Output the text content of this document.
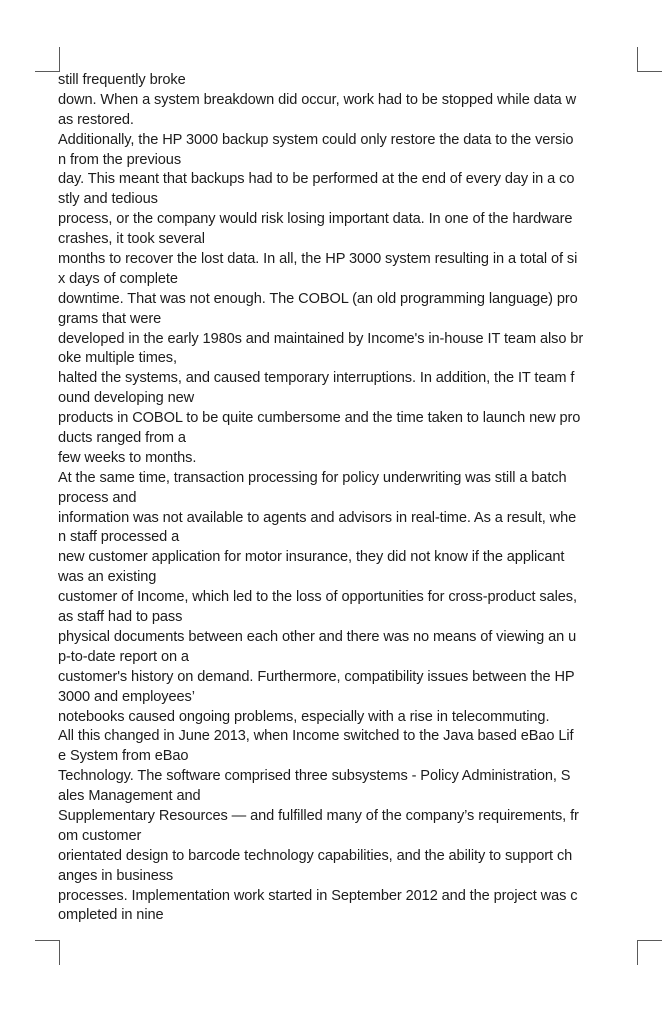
still frequently broke
down. When a system breakdown did occur, work had to be stopped while data w
as restored.
Additionally, the HP 3000 backup system could only restore the data to the versio
n from the previous
day. This meant that backups had to be performed at the end of every day in a co
stly and tedious
process, or the company would risk losing important data. In one of the hardware
crashes, it took several
months to recover the lost data. In all, the HP 3000 system resulting in a total of si
x days of complete
downtime. That was not enough. The COBOL (an old programming language) pro
grams that were
developed in the early 1980s and maintained by Income's in-house IT team also br
oke multiple times,
halted the systems, and caused temporary interruptions. In addition, the IT team f
ound developing new
products in COBOL to be quite cumbersome and the time taken to launch new pro
ducts ranged from a
few weeks to months.
At the same time, transaction processing for policy underwriting was still a batch
process and
information was not available to agents and advisors in real-time. As a result, whe
n staff processed a
new customer application for motor insurance, they did not know if the applicant
was an existing
customer of Income, which led to the loss of opportunities for cross-product sales,
as staff had to pass
physical documents between each other and there was no means of viewing an u
p-to-date report on a
customer's history on demand. Furthermore, compatibility issues between the HP
3000 and employees’
notebooks caused ongoing problems, especially with a rise in telecommuting.
All this changed in June 2013, when Income switched to the Java based eBao Lif
e System from eBao
Technology. The software comprised three subsystems - Policy Administration, S
ales Management and
Supplementary Resources — and fulfilled many of the company’s requirements, fr
om customer
orientated design to barcode technology capabilities, and the ability to support ch
anges in business
processes. Implementation work started in September 2012 and the project was c
ompleted in nine
